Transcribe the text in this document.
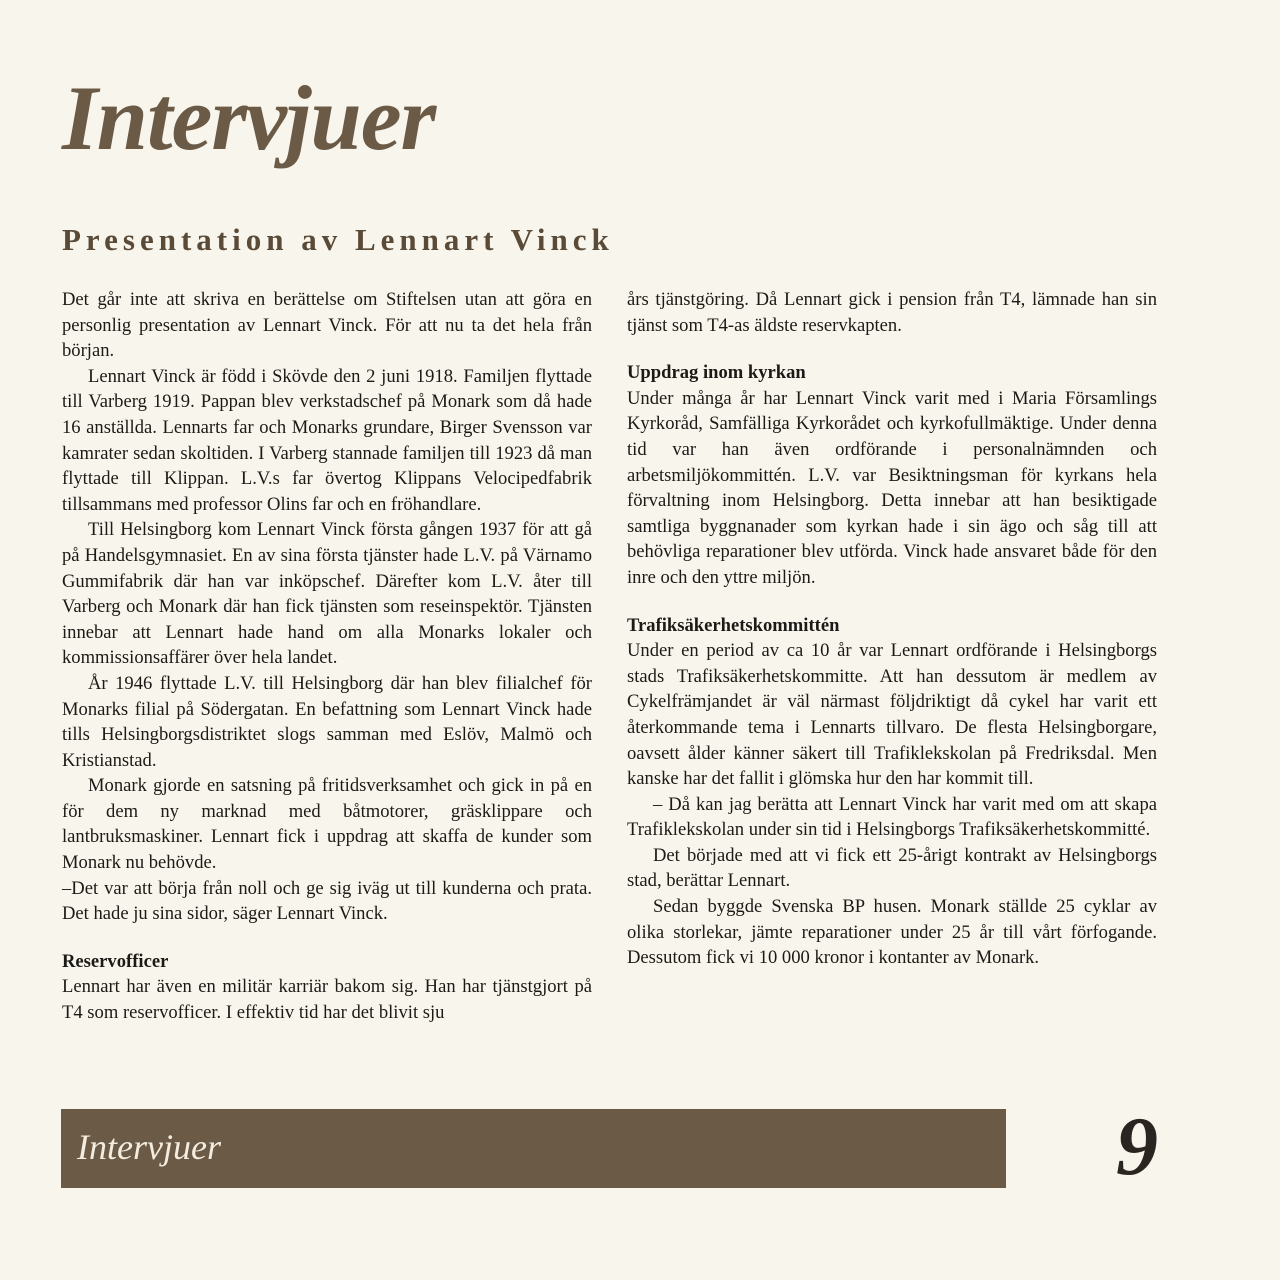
Intervjuer
Presentation av Lennart Vinck

Det går inte att skriva en berättelse om Stiftelsen utan att göra en personlig presentation av Lennart Vinck. För att nu ta det hela från början.

Lennart Vinck är född i Skövde den 2 juni 1918. Familjen flyttade till Varberg 1919. Pappan blev verkstadschef på Monark som då hade 16 anställda. Lennarts far och Monarks grundare, Birger Svensson var kamrater sedan skoltiden. I Varberg stannade familjen till 1923 då man flyttade till Klippan. L.V.s far övertog Klippans Velocipedfabrik tillsammans med professor Olins far och en fröhandlare.

Till Helsingborg kom Lennart Vinck första gången 1937 för att gå på Handelsgymnasiet. En av sina första tjänster hade L.V. på Värnamo Gummifabrik där han var inköpschef. Därefter kom L.V. åter till Varberg och Monark där han fick tjänsten som reseinspektör. Tjänsten innebar att Lennart hade hand om alla Monarks lokaler och kommissionsaffärer över hela landet.

År 1946 flyttade L.V. till Helsingborg där han blev filialchef för Monarks filial på Södergatan. En befattning som Lennart Vinck hade tills Helsingborgsdistriktet slogs samman med Eslöv, Malmö och Kristianstad.

Monark gjorde en satsning på fritidsverksamhet och gick in på en för dem ny marknad med båtmotorer, gräsklippare och lantbruksmaskiner. Lennart fick i uppdrag att skaffa de kunder som Monark nu behövde.

–Det var att börja från noll och ge sig iväg ut till kunderna och prata. Det hade ju sina sidor, säger Lennart Vinck.

Reservofficer

Lennart har även en militär karriär bakom sig. Han har tjänstgjort på T4 som reservofficer. I effektiv tid har det blivit sju

års tjänstgöring. Då Lennart gick i pension från T4, lämnade han sin tjänst som T4-as äldste reservkapten.

Uppdrag inom kyrkan

Under många år har Lennart Vinck varit med i Maria Församlings Kyrkoråd, Samfälliga Kyrkorådet och kyrkofullmäktige. Under denna tid var han även ordförande i personalnämnden och arbetsmiljökommittén. L.V. var Besiktningsman för kyrkans hela förvaltning inom Helsingborg. Detta innebar att han besiktigade samtliga byggnanader som kyrkan hade i sin ägo och såg till att behövliga reparationer blev utförda. Vinck hade ansvaret både för den inre och den yttre miljön.

Trafiksäkerhetskommittén

Under en period av ca 10 år var Lennart ordförande i Helsingborgs stads Trafiksäkerhetskommitte. Att han dessutom är medlem av Cykelfrämjandet är väl närmast följdriktigt då cykel har varit ett återkommande tema i Lennarts tillvaro. De flesta Helsingborgare, oavsett ålder känner säkert till Trafiklekskolan på Fredriksdal. Men kanske har det fallit i glömska hur den har kommit till.

– Då kan jag berätta att Lennart Vinck har varit med om att skapa Trafiklekskolan under sin tid i Helsingborgs Trafiksäkerhetskommitté.

Det började med att vi fick ett 25-årigt kontrakt av Helsingborgs stad, berättar Lennart.

Sedan byggde Svenska BP husen. Monark ställde 25 cyklar av olika storlekar, jämte reparationer under 25 år till vårt förfogande. Dessutom fick vi 10 000 kronor i kontanter av Monark.

Intervjuer	9
